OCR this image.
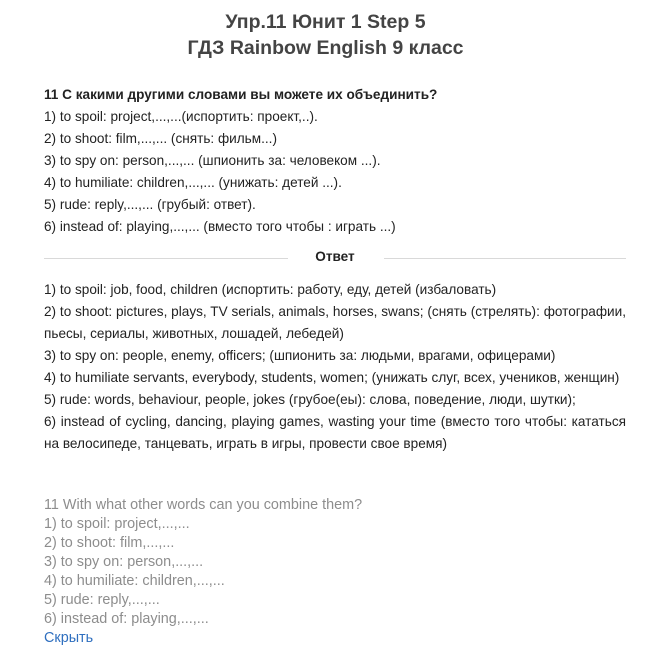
Упр.11 Юнит 1 Step 5
ГДЗ Rainbow English 9 класс
11 С какими другими словами вы можете их объединить?
1) to spoil: project,...,...(испортить: проект,..).
2) to shoot: film,...,... (снять: фильм...)
3) to spy on: person,...,... (шпионить за: человеком ...).
4) to humiliate: children,...,... (унижать: детей ...).
5) rude: reply,...,... (грубый: ответ).
6) instead of: playing,...,... (вместо того чтобы : играть ...)
Ответ

1) to spoil: job, food, children (испортить: работу, еду, детей (избаловать)

2) to shoot: pictures, plays, TV serials, animals, horses, swans; (снять (стрелять): фотографии, пьесы, сериалы, животных, лошадей, лебедей)

3) to spy on: people, enemy, officers; (шпионить за: людьми, врагами, офицерами)

4) to humiliate servants, everybody, students, women; (унижать слуг, всех, учеников, женщин)

5) rude: words, behaviour, people, jokes (грубое(еы): слова, поведение, люди, шутки);

6) instead of cycling, dancing, playing games, wasting your time (вместо того чтобы: кататься на велосипеде, танцевать, играть в игры, провести свое время)

11 With what other words can you combine them?
1) to spoil: project,...,...
2) to shoot: film,...,...
3) to spy on: person,...,...
4) to humiliate: children,...,...
5) rude: reply,...,...
6) instead of: playing,...,...
Скрыть
